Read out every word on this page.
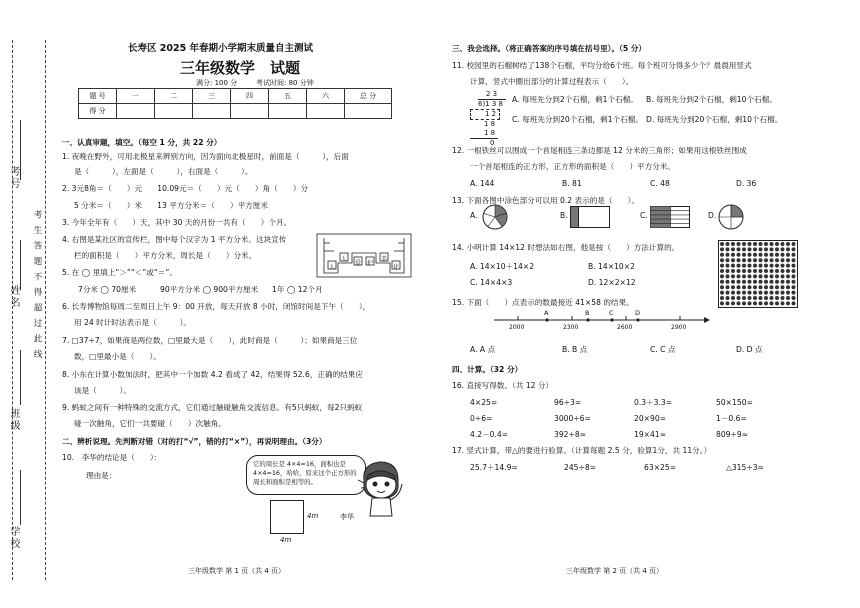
考号
考生答题不得超过此线
姓名
班级
学校
长寿区 2025 年春期小学期末质量自主测试
三年级数学　试题
满分: 100 分	考试时间: 80 分钟
题 号	一	二	三	四	五	六	总 分
得 分							
一、认真审题，填空。（每空 1 分，共 22 分）
1. 夜晚在野外，可用北极星来辨别方向，因为面向北极星时，前面是（　　　），后面
是（　　　），左面是（　　　），右面是（　　　）。
2. 3元8角＝（　　）元　　10.09元＝（　　）元（　　）角（　　）分
5 分米＝（　　）米　　13 平方分米＝（　　）平方厘米
3. 今年全年有（　　）天，其中 30 天的月份一共有（　　）个月。
4. 右图是某社区的宣传栏，图中每个汉字为 1 平方分米。这块宣传
栏的面积是（　　）平方分米，周长是（　　）分米。
人
人
爱 护
美
化
5. 在 ◯ 里填上“＞”“＜”或“＝”。
7分米 ◯ 70厘米	90平方分米 ◯ 900平方厘米 1年 ◯ 12个月
6. 长寿博物馆每周二至周日上午 9：00 开放，每天开放 8 小时，闭馆时间是下午（　　），
用 24 时计时法表示是（　　　）。
7. □37÷7，如果商是两位数，□里最大是（　　），此时商是（　　　）；如果商是三位
数，□里最小是（　　）。
8. 小东在计算小数加法时，把其中一个加数 4.2 看成了 42，结果得 52.6，正确的结果应
该是（　　　）。
9. 蚂蚁之间有一种特殊的交流方式，它们通过触碰触角交流信息。有5只蚂蚁，每2只蚂蚁
碰一次触角，它们一共要碰（　　）次触角。
二、辨析说理。先判断对错（对的打“√”，错的打“×”），再说明理由。（3分）
10.　李华的结论是（　　）：
理由是：
它的周长是 4×4=16，面积也是 4×4=16，哈哈，原来这个正方形的周长和面积是相等的。
4m
4m
李华
三年级数学 第 1 页（共 4 页）
三、我会选择。（将正确答案的序号填在括号里）。（5 分）
11. 校园里的石榴树结了138个石榴，平均分给6个班。每个班可分得多少个？晨晨用竖式
计算，竖式中圈出部分的计算过程表示（　　）。
2 3
6)1 3 8
1 2
1 8
1 8
0
A. 每班先分到2个石榴，剩1个石榴。 B. 每班先分到2个石榴，剩10个石榴。
C. 每班先分到20个石榴，剩1个石榴。 D. 每班先分到20个石榴，剩10个石榴。
12. 一根铁丝可以围成一个首尾相连三条边都是 12 分米的三角形；如果用这根铁丝围成
一个首尾相连的正方形，正方形的面积是（　　）平方分米。
A. 144	B. 81	C. 48	D. 36
13. 下面各图中涂色部分可以用 0.2 表示的是（　　）。
A.	B.	C.	D.
14. 小明计算 14×12 时想法如右图，他是按（　　）方法计算的。
A. 14×10＋14×2	B. 14×10×2
C. 14×4×3	D. 12×2×12
15. 下面（　　）点表示的数最接近 41×58 的结果。
2000	2300	2600	2900
A	B	C	D
A. A 点	B. B 点	C. C 点	D. D 点
四、计算。（32 分）
16. 直接写得数。（共 12 分）
4×25=	96÷3=	0.3＋3.3=	50×150=
0÷6=	3000÷6=	20×90=	1－0.6=
4.2－0.4=	392÷8≈	19×41≈	809÷9≈
17. 竖式计算，带△的要进行验算。（计算每题 2.5 分，验算1分，共 11分。）
25.7＋14.9=	245÷8=	63×25=	△315÷3=
三年级数学 第 2 页（共 4 页）
